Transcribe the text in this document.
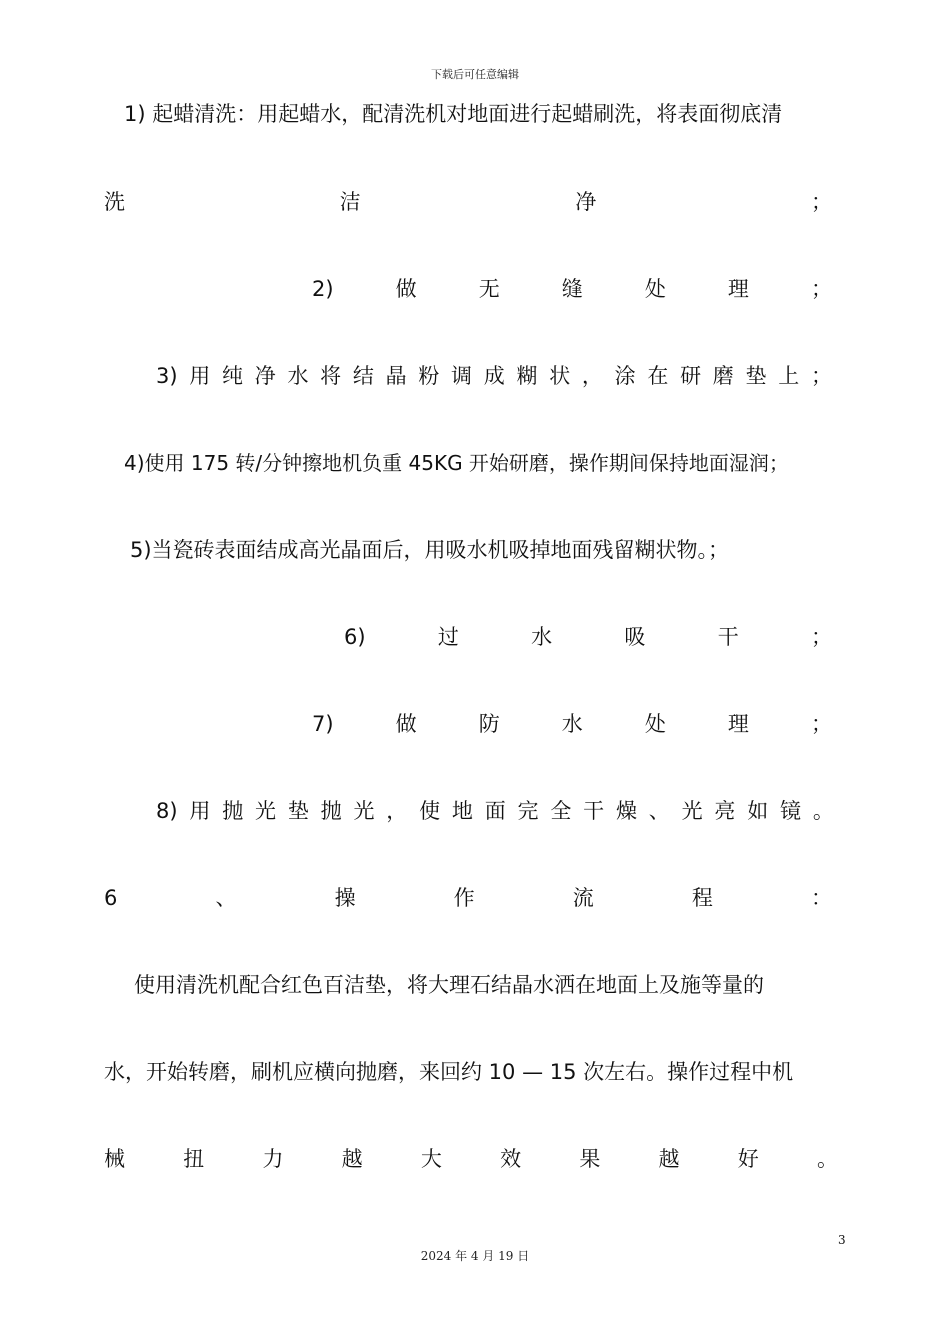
下载后可任意编辑
1) 起蜡清洗：用起蜡水，配清洗机对地面进行起蜡刷洗，将表面彻底清
洗	洁	净	；
2)	做	无	缝	处	理	；
3) 用 纯 净 水 将 结 晶 粉 调 成 糊 状 ， 涂 在 研 磨 垫 上 ；
4)使用 175 转/分钟擦地机负重 45KG 开始研磨，操作期间保持地面湿润；
5)当瓷砖表面结成高光晶面后，用吸水机吸掉地面残留糊状物。；
6)	过	水	吸	干	；
7)	做	防	水	处	理	；
8) 用 抛 光 垫 抛 光 ， 使 地 面 完 全 干 燥 、 光 亮 如 镜 。
6	、	操	作	流	程	：
使用清洗机配合红色百洁垫，将大理石结晶水洒在地面上及施等量的
水，开始转磨，刷机应横向抛磨，来回约 10 — 15 次左右。操作过程中机
械	扭	力	越	大	效	果	越	好	。
3
2024 年 4 月 19 日
